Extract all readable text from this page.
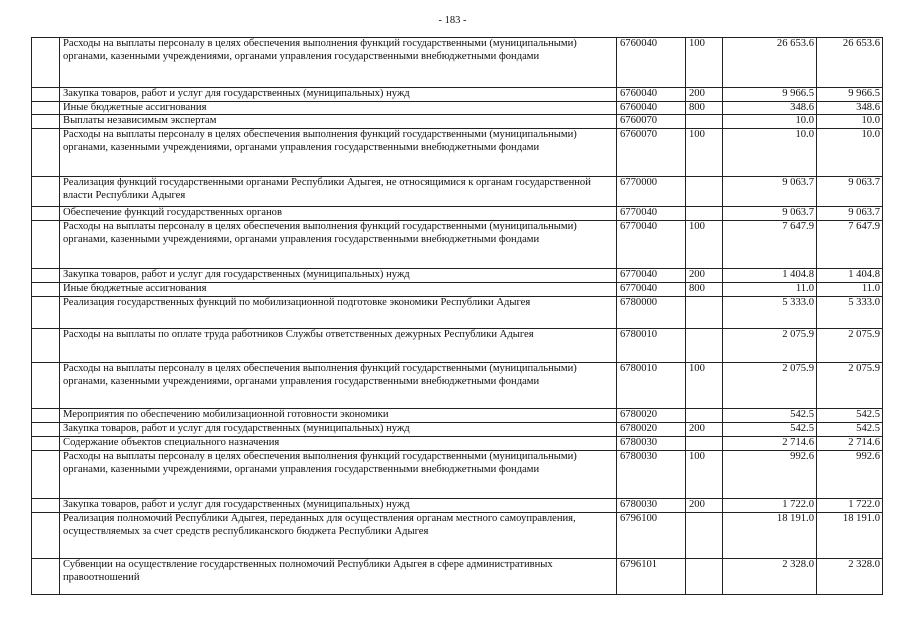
- 183 -
	Расходы на выплаты персоналу в целях обеспечения выполнения функций государственными (муниципальными) органами, казенными учреждениями, органами управления государственными внебюджетными фондами	6760040	100	26 653.6	26 653.6
	Закупка товаров, работ и услуг для государственных (муниципальных) нужд	6760040	200	9 966.5	9 966.5
	Иные бюджетные ассигнования	6760040	800	348.6	348.6
	Выплаты независимым экспертам	6760070		10.0	10.0
	Расходы на выплаты персоналу в целях обеспечения выполнения функций государственными (муниципальными) органами, казенными учреждениями, органами управления государственными внебюджетными фондами	6760070	100	10.0	10.0
	Реализация функций государственными органами Республики Адыгея, не относящимися к органам государственной власти Республики Адыгея	6770000		9 063.7	9 063.7
	Обеспечение функций государственных органов	6770040		9 063.7	9 063.7
	Расходы на выплаты персоналу в целях обеспечения выполнения функций государственными (муниципальными) органами, казенными учреждениями, органами управления государственными внебюджетными фондами	6770040	100	7 647.9	7 647.9
	Закупка товаров, работ и услуг для государственных (муниципальных) нужд	6770040	200	1 404.8	1 404.8
	Иные бюджетные ассигнования	6770040	800	11.0	11.0
	Реализация государственных функций по мобилизационной подготовке экономики Республики Адыгея	6780000		5 333.0	5 333.0
	Расходы на выплаты по оплате труда работников Службы ответственных дежурных Республики Адыгея	6780010		2 075.9	2 075.9
	Расходы на выплаты персоналу в целях обеспечения выполнения функций государственными (муниципальными) органами, казенными учреждениями, органами управления государственными внебюджетными фондами	6780010	100	2 075.9	2 075.9
	Мероприятия по обеспечению мобилизационной готовности экономики	6780020		542.5	542.5
	Закупка товаров, работ и услуг для государственных (муниципальных) нужд	6780020	200	542.5	542.5
	Содержание объектов специального назначения	6780030		2 714.6	2 714.6
	Расходы на выплаты персоналу в целях обеспечения выполнения функций государственными (муниципальными) органами, казенными учреждениями, органами управления государственными внебюджетными фондами	6780030	100	992.6	992.6
	Закупка товаров, работ и услуг для государственных (муниципальных) нужд	6780030	200	1 722.0	1 722.0
	Реализация полномочий Республики Адыгея, переданных для осуществления органам местного самоуправления, осуществляемых за счет средств республиканского бюджета Республики Адыгея	6796100		18 191.0	18 191.0
	Субвенции на осуществление государственных полномочий Республики Адыгея в сфере административных правоотношений	6796101		2 328.0	2 328.0
